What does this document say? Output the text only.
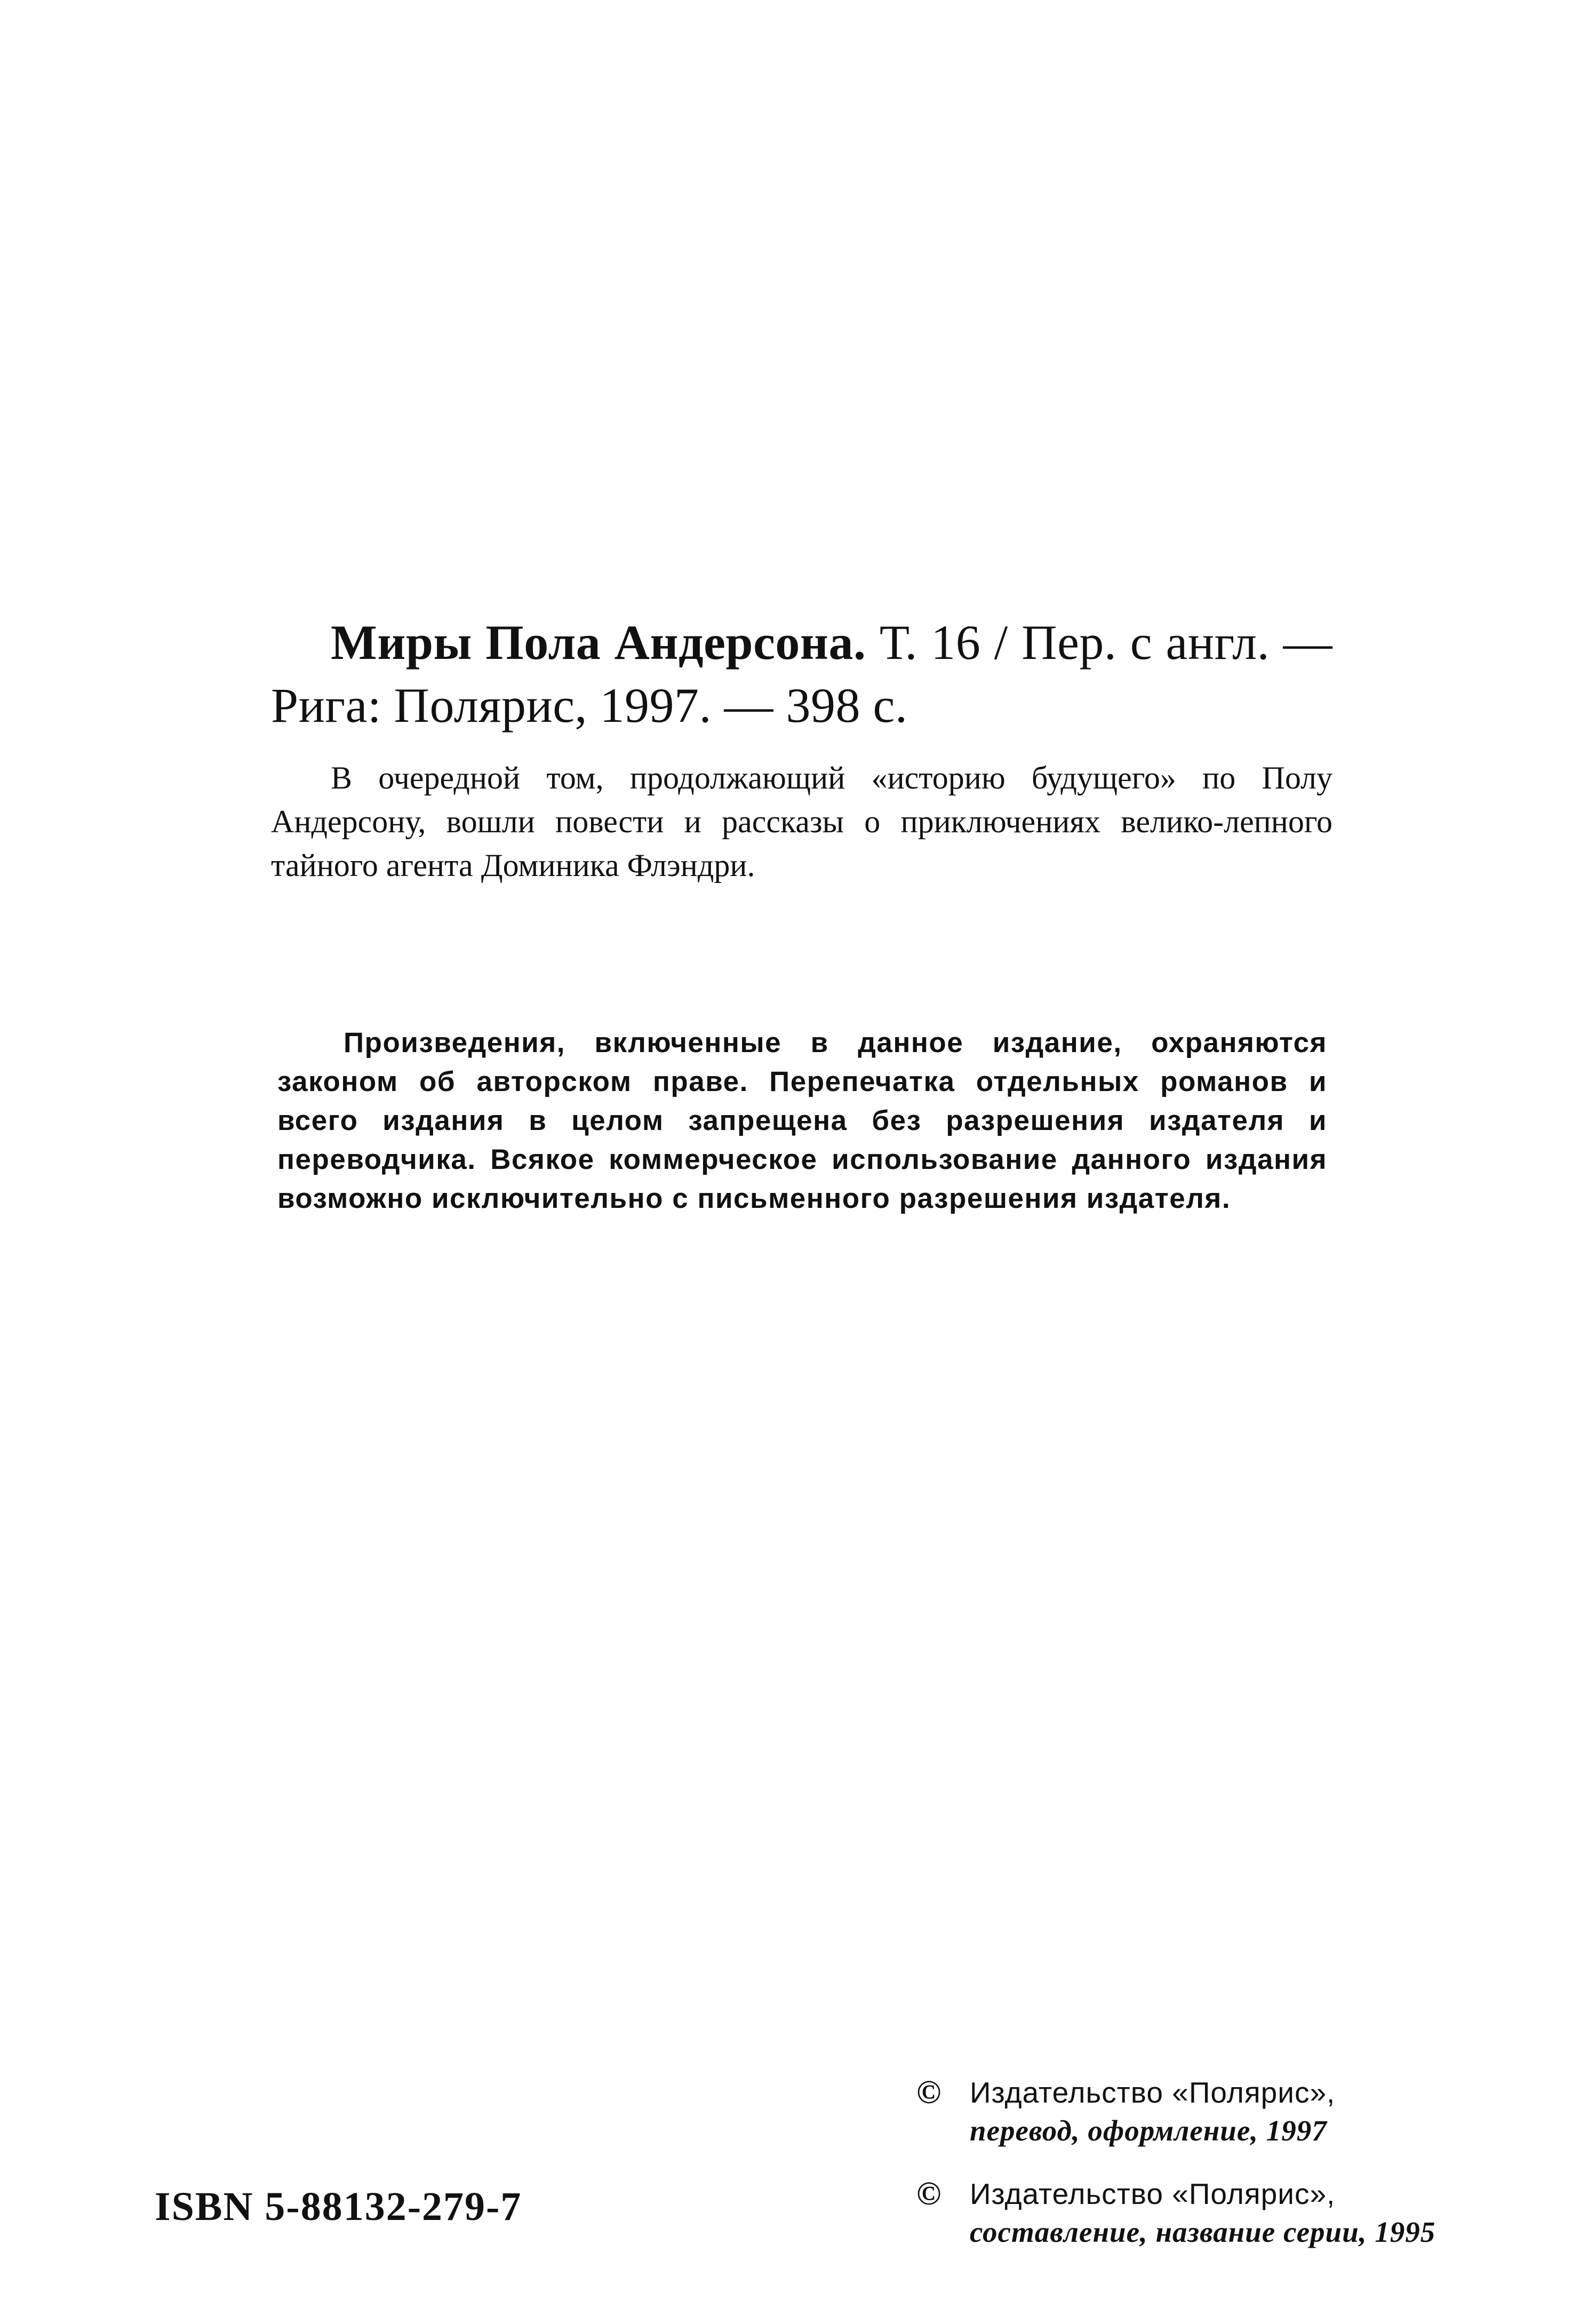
Миры Пола Андерсона. Т. 16 / Пер. с англ. — Рига: Полярис, 1997. — 398 с.

В очередной том, продолжающий «историю будущего» по Полу Андерсону, вошли повести и рассказы о приключениях велико-лепного тайного агента Доминика Флэндри.

Произведения, включенные в данное издание, охраняются законом об авторском праве. Перепечатка отдельных романов и всего издания в целом запрещена без разрешения издателя и переводчика. Всякое коммерческое использование данного издания возможно исключительно с письменного разрешения издателя.

ISBN 5-88132-279-7

© Издательство «Полярис»,
перевод, оформление, 1997
© Издательство «Полярис»,
составление, название серии, 1995
